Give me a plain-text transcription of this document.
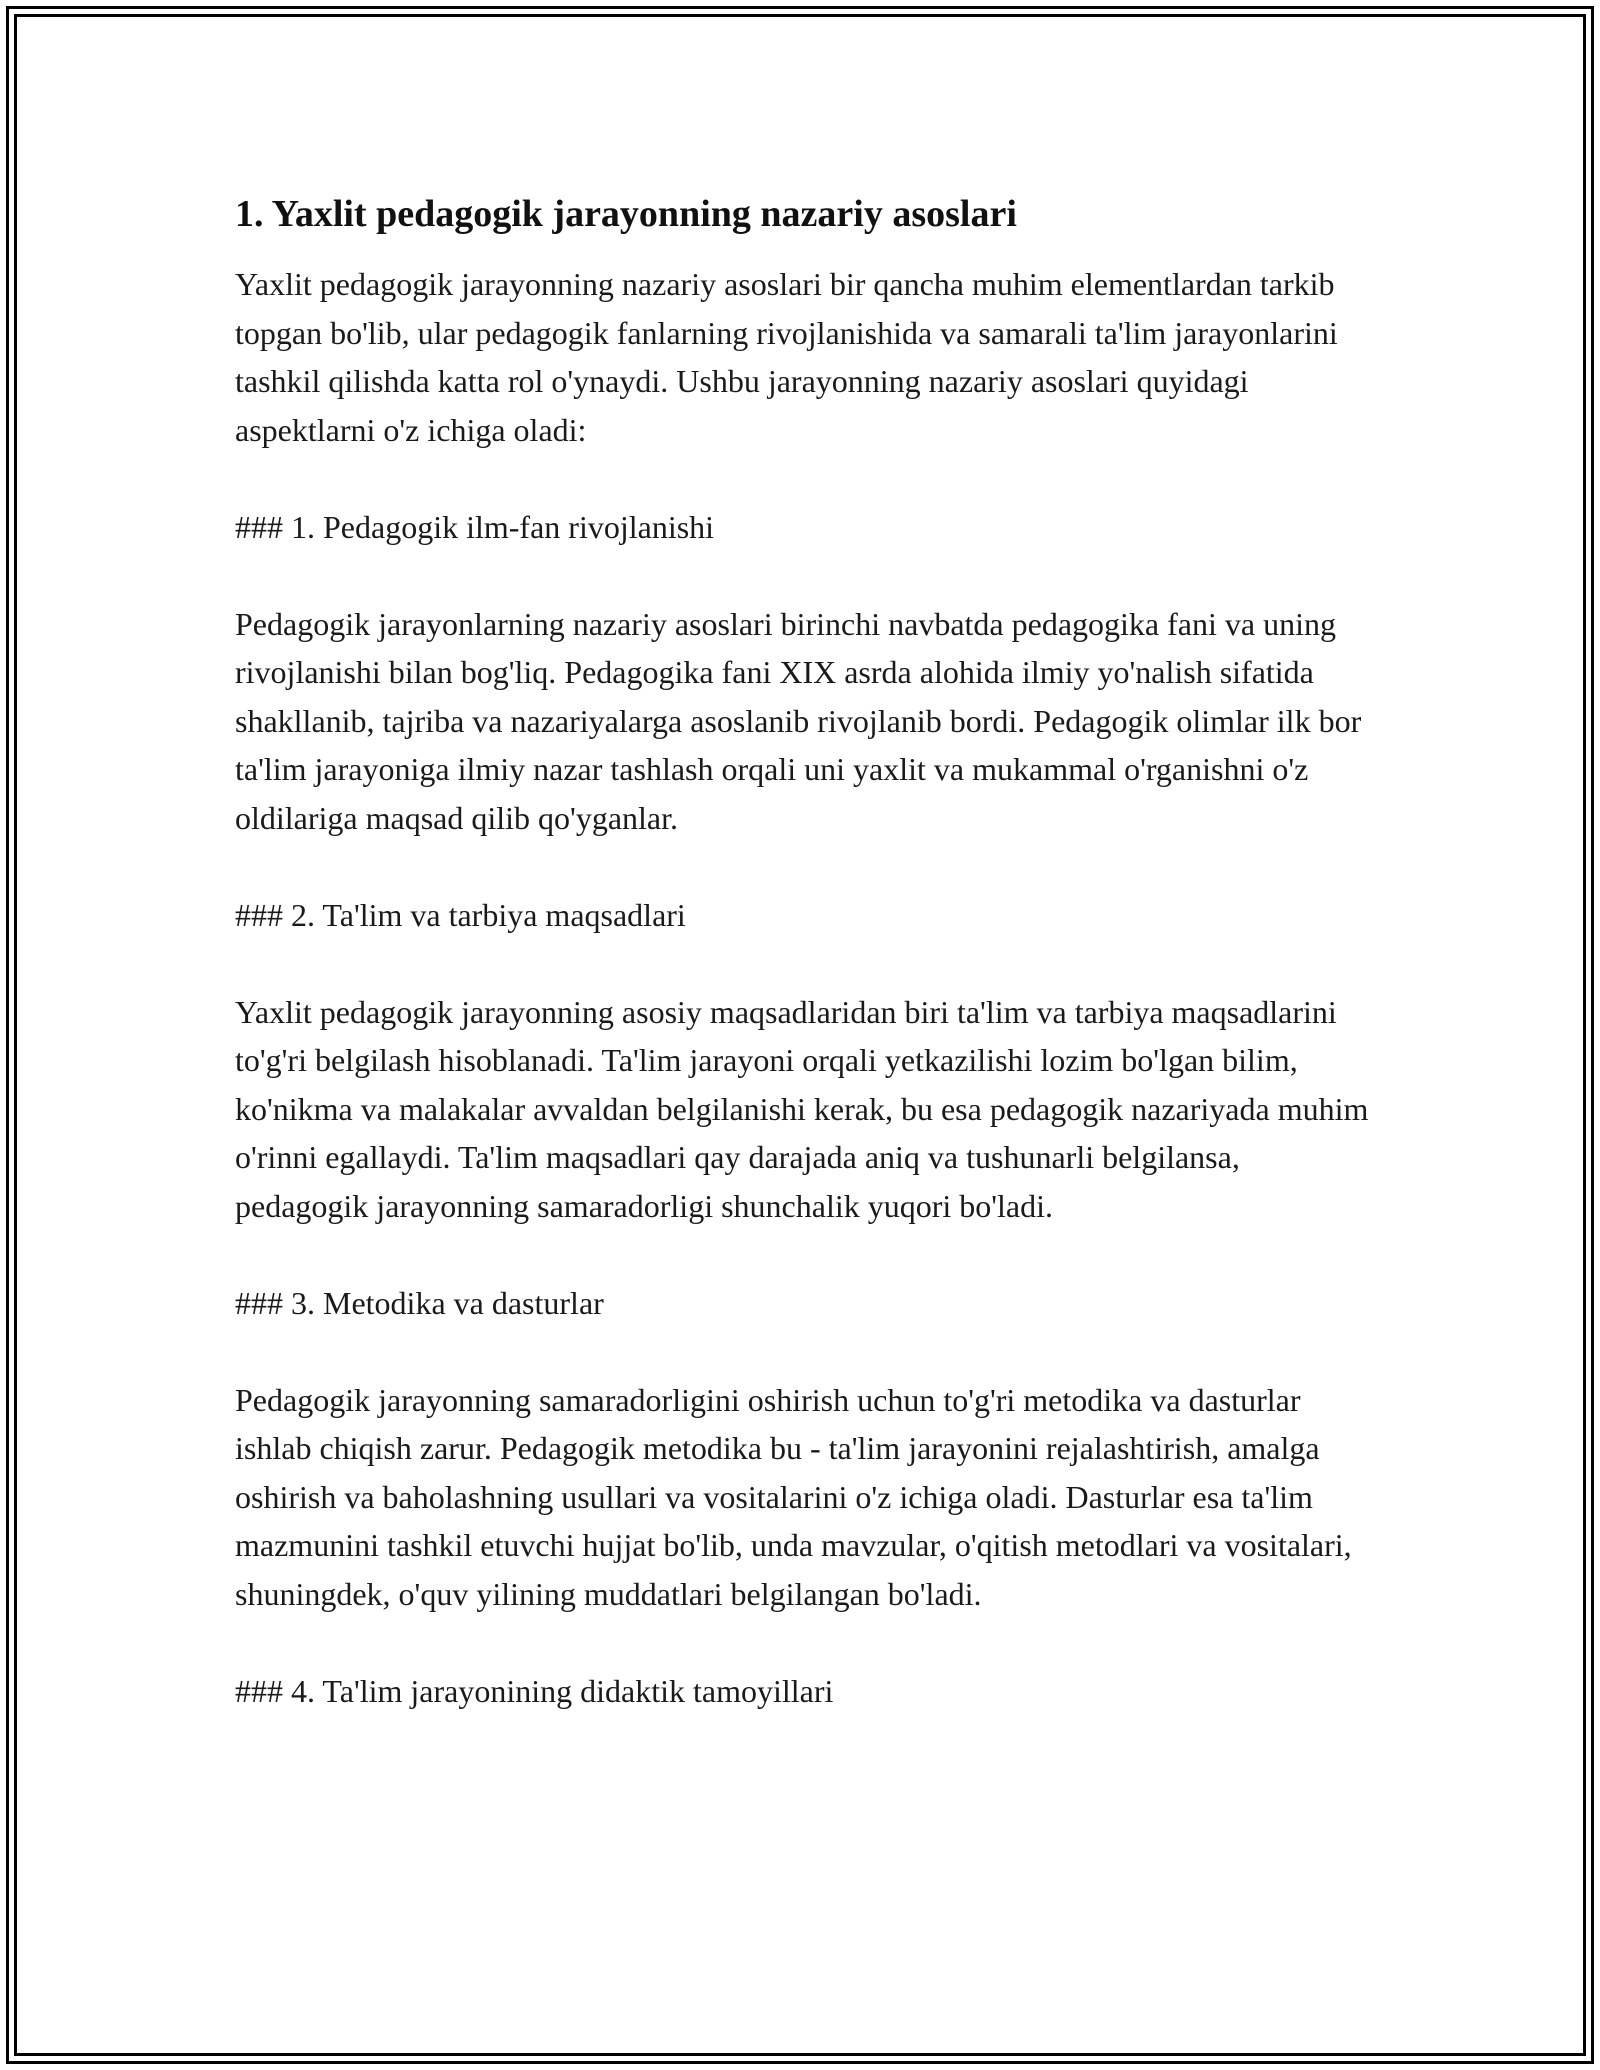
1. Yaxlit pedagogik jarayonning nazariy asoslari

Yaxlit pedagogik jarayonning nazariy asoslari bir qancha muhim elementlardan tarkib topgan bo'lib, ular pedagogik fanlarning rivojlanishida va samarali ta'lim jarayonlarini tashkil qilishda katta rol o'ynaydi. Ushbu jarayonning nazariy asoslari quyidagi aspektlarni o'z ichiga oladi:

### 1. Pedagogik ilm-fan rivojlanishi

Pedagogik jarayonlarning nazariy asoslari birinchi navbatda pedagogika fani va uning rivojlanishi bilan bog'liq. Pedagogika fani XIX asrda alohida ilmiy yo'nalish sifatida shakllanib, tajriba va nazariyalarga asoslanib rivojlanib bordi. Pedagogik olimlar ilk bor ta'lim jarayoniga ilmiy nazar tashlash orqali uni yaxlit va mukammal o'rganishni o'z oldilariga maqsad qilib qo'yganlar.

### 2. Ta'lim va tarbiya maqsadlari

Yaxlit pedagogik jarayonning asosiy maqsadlaridan biri ta'lim va tarbiya maqsadlarini to'g'ri belgilash hisoblanadi. Ta'lim jarayoni orqali yetkazilishi lozim bo'lgan bilim, ko'nikma va malakalar avvaldan belgilanishi kerak, bu esa pedagogik nazariyada muhim o'rinni egallaydi. Ta'lim maqsadlari qay darajada aniq va tushunarli belgilansa, pedagogik jarayonning samaradorligi shunchalik yuqori bo'ladi.

### 3. Metodika va dasturlar

Pedagogik jarayonning samaradorligini oshirish uchun to'g'ri metodika va dasturlar ishlab chiqish zarur. Pedagogik metodika bu - ta'lim jarayonini rejalashtirish, amalga oshirish va baholashning usullari va vositalarini o'z ichiga oladi. Dasturlar esa ta'lim mazmunini tashkil etuvchi hujjat bo'lib, unda mavzular, o'qitish metodlari va vositalari, shuningdek, o'quv yilining muddatlari belgilangan bo'ladi.

### 4. Ta'lim jarayonining didaktik tamoyillari
